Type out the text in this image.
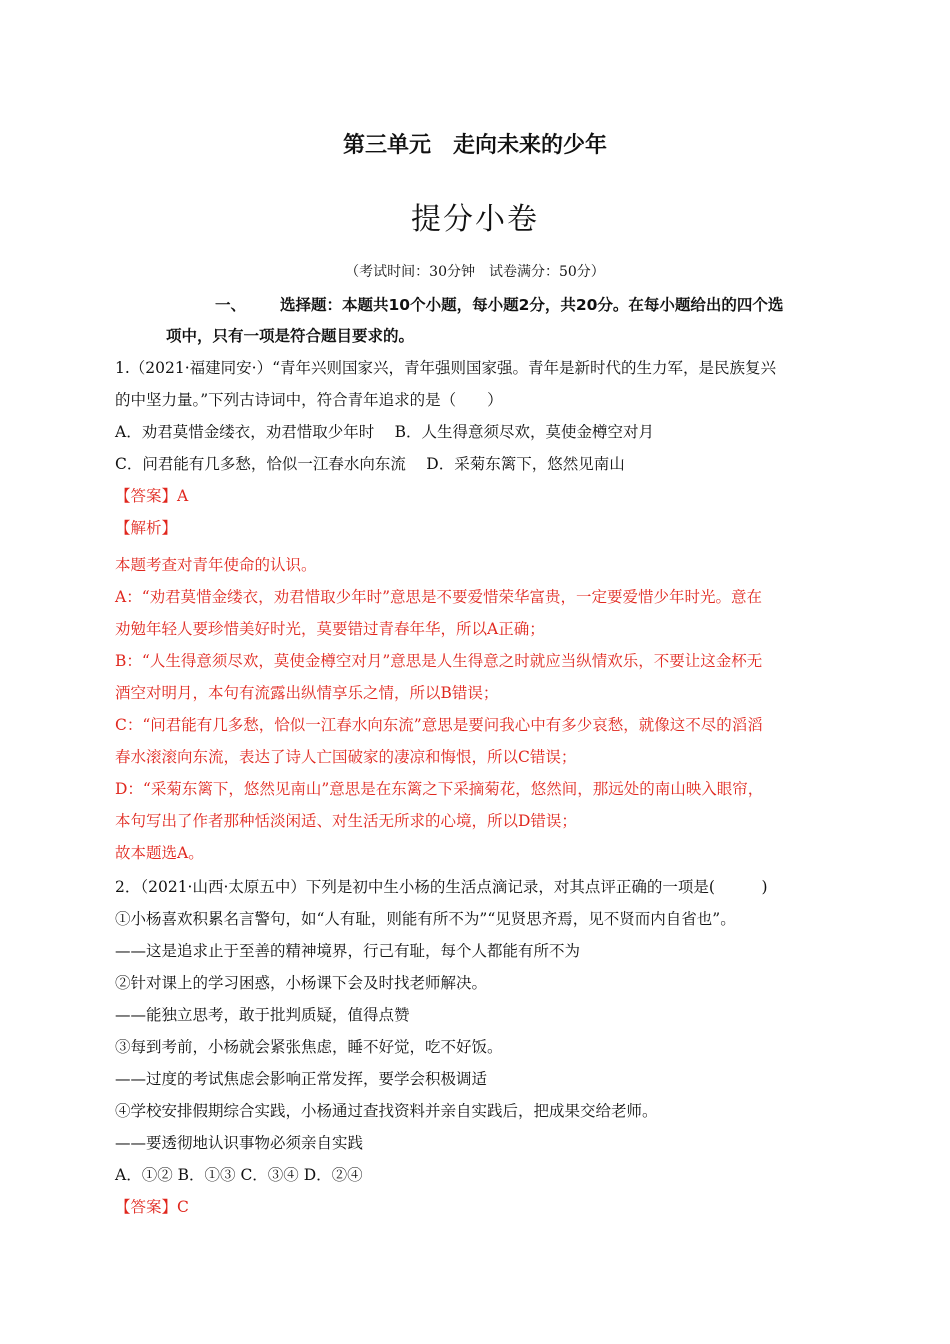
第三单元　走向未来的少年
提分小卷
（考试时间：30分钟　试卷满分：50分）
一、 选择题：本题共10个小题，每小题2分，共20分。在每小题给出的四个选
项中，只有一项是符合题目要求的。
1.（2021·福建同安·）“青年兴则国家兴，青年强则国家强。青年是新时代的生力军，是民族复兴
的中坚力量。”下列古诗词中，符合青年追求的是（　　）
A．劝君莫惜金缕衣，劝君惜取少年时　 B．人生得意须尽欢，莫使金樽空对月
C．问君能有几多愁，恰似一江春水向东流　 D．采菊东篱下，悠然见南山
【答案】A
【解析】
本题考查对青年使命的认识。
A：“劝君莫惜金缕衣，劝君惜取少年时”意思是不要爱惜荣华富贵，一定要爱惜少年时光。意在
劝勉年轻人要珍惜美好时光，莫要错过青春年华，所以A正确；
B：“人生得意须尽欢，莫使金樽空对月”意思是人生得意之时就应当纵情欢乐，不要让这金杯无
酒空对明月，本句有流露出纵情享乐之情，所以B错误；
C：“问君能有几多愁，恰似一江春水向东流”意思是要问我心中有多少哀愁，就像这不尽的滔滔
春水滚滚向东流，表达了诗人亡国破家的凄凉和悔恨，所以C错误；
D：“采菊东篱下，悠然见南山”意思是在东篱之下采摘菊花，悠然间，那远处的南山映入眼帘，
本句写出了作者那种恬淡闲适、对生活无所求的心境，所以D错误；
故本题选A。
2．（2021·山西·太原五中）下列是初中生小杨的生活点滴记录，对其点评正确的一项是(　　　)
①小杨喜欢积累名言警句，如“人有耻，则能有所不为”“见贤思齐焉，见不贤而内自省也”。
——这是追求止于至善的精神境界，行己有耻，每个人都能有所不为
②针对课上的学习困惑，小杨课下会及时找老师解决。
——能独立思考，敢于批判质疑，值得点赞
③每到考前，小杨就会紧张焦虑，睡不好觉，吃不好饭。
——过度的考试焦虑会影响正常发挥，要学会积极调适
④学校安排假期综合实践，小杨通过查找资料并亲自实践后，把成果交给老师。
——要透彻地认识事物必须亲自实践
A．①② B．①③ C．③④ D．②④
【答案】C
